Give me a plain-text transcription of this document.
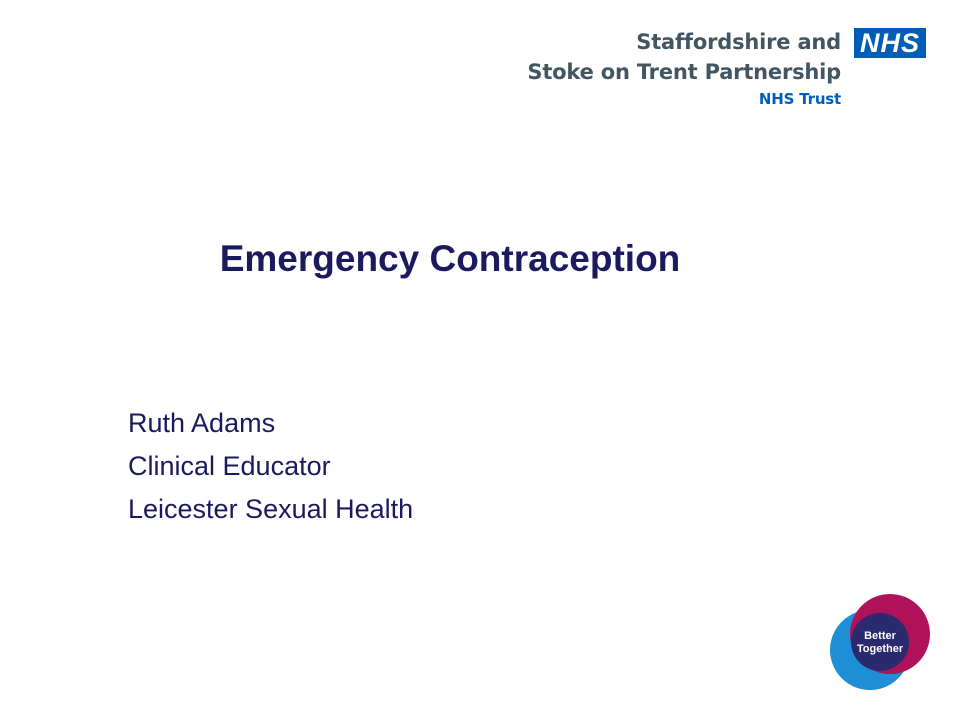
Staffordshire and
Stoke on Trent Partnership
NHS Trust
NHS
Emergency Contraception
Ruth Adams
Clinical Educator
Leicester Sexual Health
Better
Together
